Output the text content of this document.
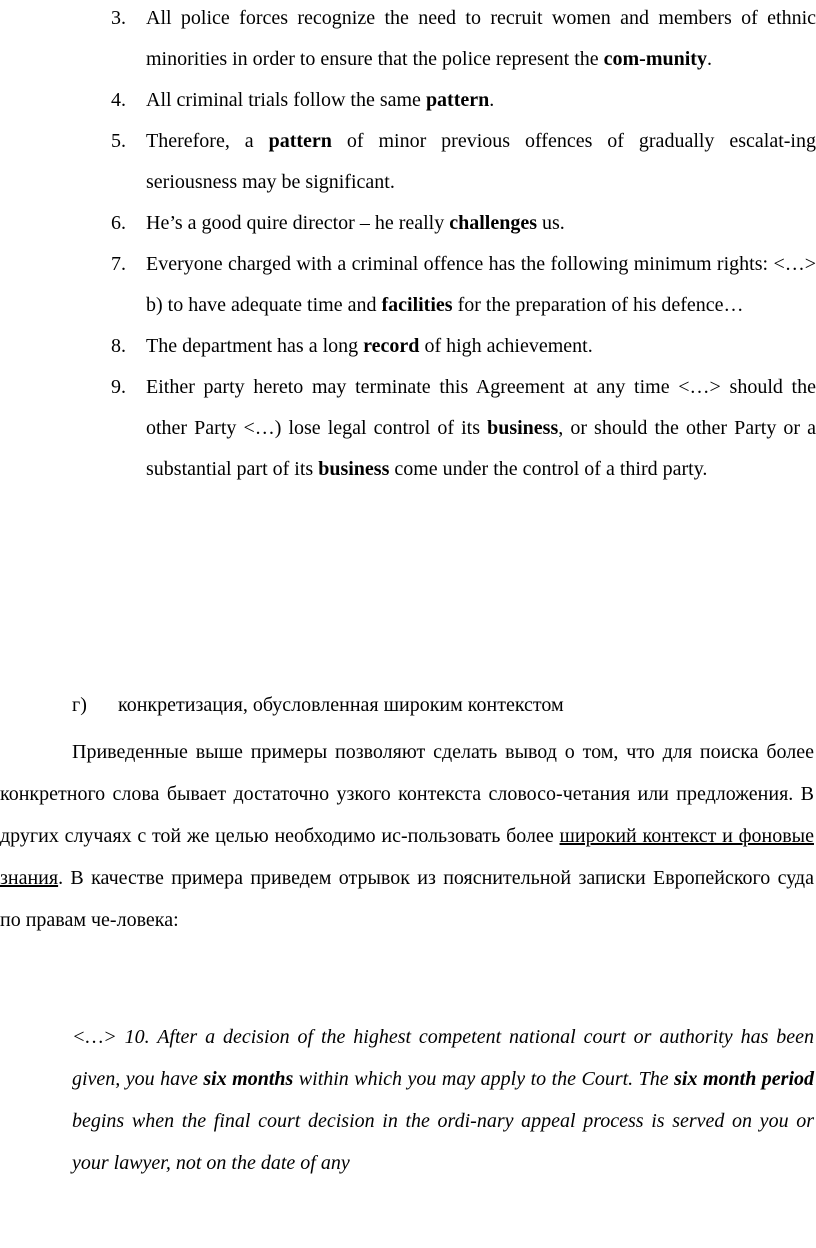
3. All police forces recognize the need to recruit women and members of ethnic minorities in order to ensure that the police represent the com-munity.
4. All criminal trials follow the same pattern.
5. Therefore, a pattern of minor previous offences of gradually escalat-ing seriousness may be significant.
6. He’s a good quire director – he really challenges us.
7. Everyone charged with a criminal offence has the following minimum rights: <…> b) to have adequate time and facilities for the preparation of his defence…
8. The department has a long record of high achievement.
9. Either party hereto may terminate this Agreement at any time <…> should the other Party <…) lose legal control of its business, or should the other Party or a substantial part of its business come under the control of a third party.
г) конкретизация, обусловленная широким контекстом
Приведенные выше примеры позволяют сделать вывод о том, что для поиска более конкретного слова бывает достаточно узкого контекста словосо-четания или предложения. В других случаях с той же целью необходимо ис-пользовать более широкий контекст и фоновые знания. В качестве примера приведем отрывок из пояснительной записки Европейского суда по правам че-ловека:
<…> 10. After a decision of the highest competent national court or authority has been given, you have six months within which you may apply to the Court. The six month period begins when the final court decision in the ordi-nary appeal process is served on you or your lawyer, not on the date of any
